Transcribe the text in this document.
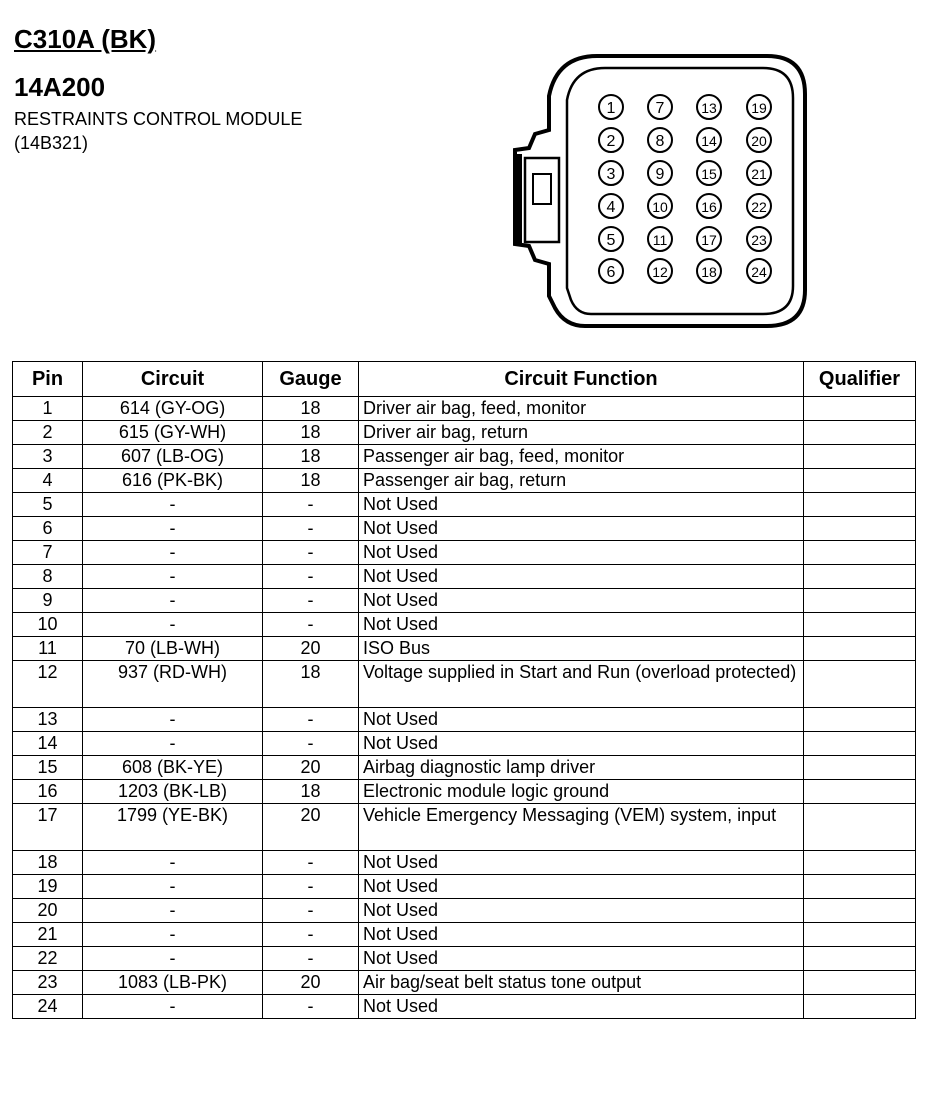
C310A (BK)
14A200
RESTRAINTS CONTROL MODULE
(14B321)
1
2
3
4
5
6
7
8
9
10
11
12
13
14
15
16
17
18
19
20
21
22
23
24
Pin	Circuit	Gauge	Circuit Function	Qualifier
1	614 (GY-OG)	18	Driver air bag, feed, monitor	
2	615 (GY-WH)	18	Driver air bag, return	
3	607 (LB-OG)	18	Passenger air bag, feed, monitor	
4	616 (PK-BK)	18	Passenger air bag, return	
5	-	-	Not Used	
6	-	-	Not Used	
7	-	-	Not Used	
8	-	-	Not Used	
9	-	-	Not Used	
10	-	-	Not Used	
11	70 (LB-WH)	20	ISO Bus	
12	937 (RD-WH)	18	Voltage supplied in Start and Run (overload protected)	
13	-	-	Not Used	
14	-	-	Not Used	
15	608 (BK-YE)	20	Airbag diagnostic lamp driver	
16	1203 (BK-LB)	18	Electronic module logic ground	
17	1799 (YE-BK)	20	Vehicle Emergency Messaging (VEM) system, input	
18	-	-	Not Used	
19	-	-	Not Used	
20	-	-	Not Used	
21	-	-	Not Used	
22	-	-	Not Used	
23	1083 (LB-PK)	20	Air bag/seat belt status tone output	
24	-	-	Not Used	
